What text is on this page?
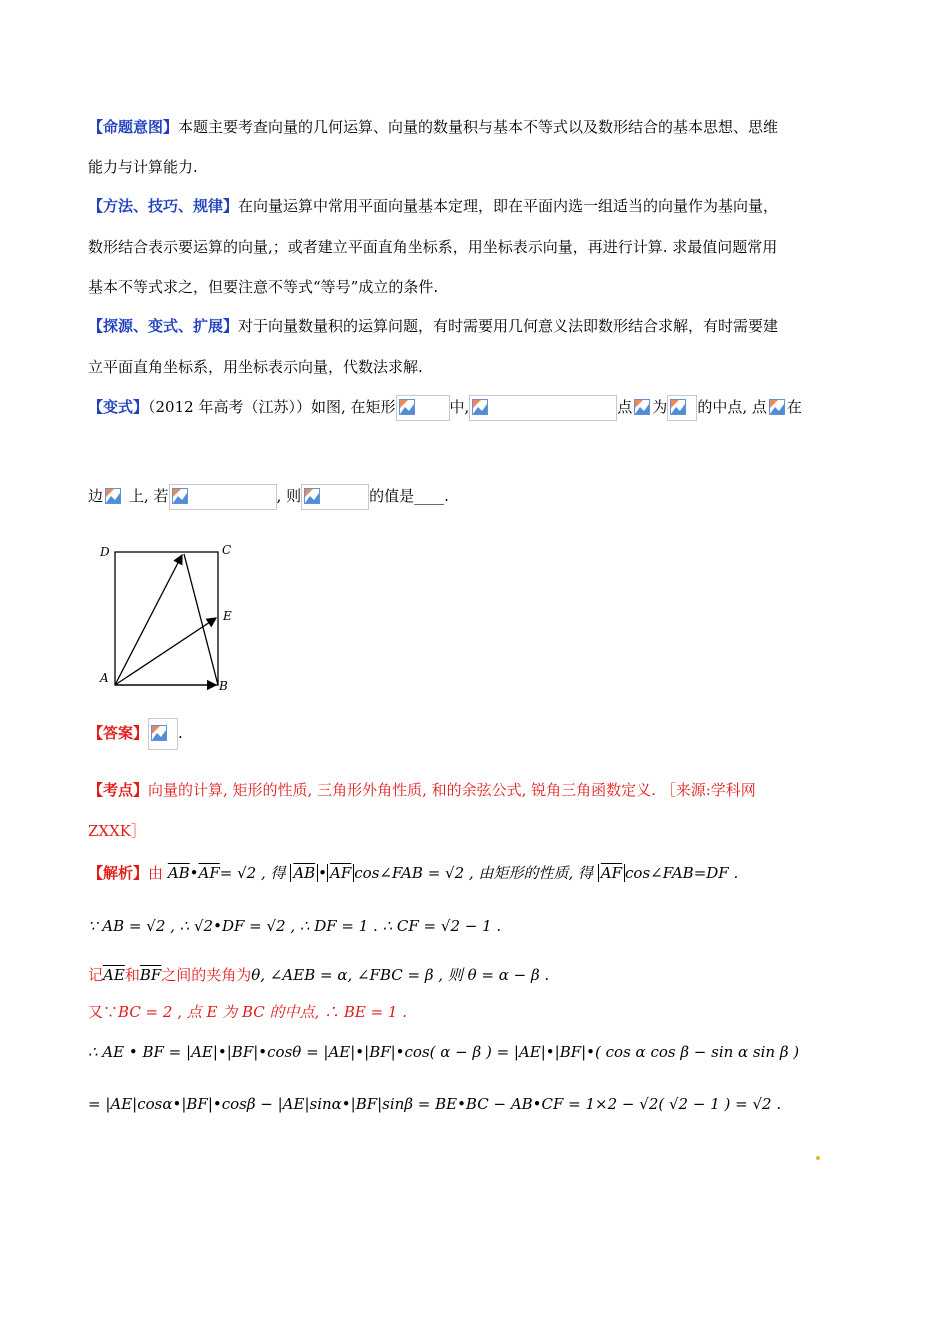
【命题意图】本题主要考查向量的几何运算、向量的数量积与基本不等式以及数形结合的基本思想、思维
能力与计算能力.
【方法、技巧、规律】在向量运算中常用平面向量基本定理，即在平面内选一组适当的向量作为基向量，
数形结合表示要运算的向量,；或者建立平面直角坐标系，用坐标表示向量，再进行计算. 求最值问题常用
基本不等式求之，但要注意不等式“等号”成立的条件.
【探源、变式、扩展】对于向量数量积的运算问题，有时需要用几何意义法即数形结合求解，有时需要建
立平面直角坐标系，用坐标表示向量，代数法求解.
【变式】（2012 年高考（江苏））如图, 在矩形	中,	点 为 的中点, 点 在
边 上, 若	, 则	的值是____.
D	C
A
B
E
【答案】 .
【考点】向量的计算, 矩形的性质, 三角形外角性质, 和的余弦公式, 锐角三角函数定义. ［来源:学科网
ZXXK］
【解析】由 $\overline{AB}•\overline{AF}= √2$ , 得 $\overline{AB}$ • $\overline{AF}$ cos∠FAB = √2 , 由矩形的性质, 得 $\overline{AF}$ cos∠FAB=DF .
∵ AB = √2 , ∴ √2•DF = √2 , ∴ DF = 1 . ∴ CF = √2 − 1 .
记$\overline{AE}$和$\overline{BF}$之间的夹角为θ, ∠AEB = α, ∠FBC = β , 则 θ = α − β .
又∵BC = 2 , 点 E 为 BC 的中点, ∴ BE = 1 .
∴ AE • BF = |AE|•|BF|•cosθ = |AE|•|BF|•cos( α − β ) = |AE|•|BF|•( cos α cos β − sin α sin β )
= |AE|cosα•|BF|•cosβ − |AE|sinα•|BF|sinβ = BE•BC − AB•CF = 1×2 − √2( √2 − 1 ) = √2 .
